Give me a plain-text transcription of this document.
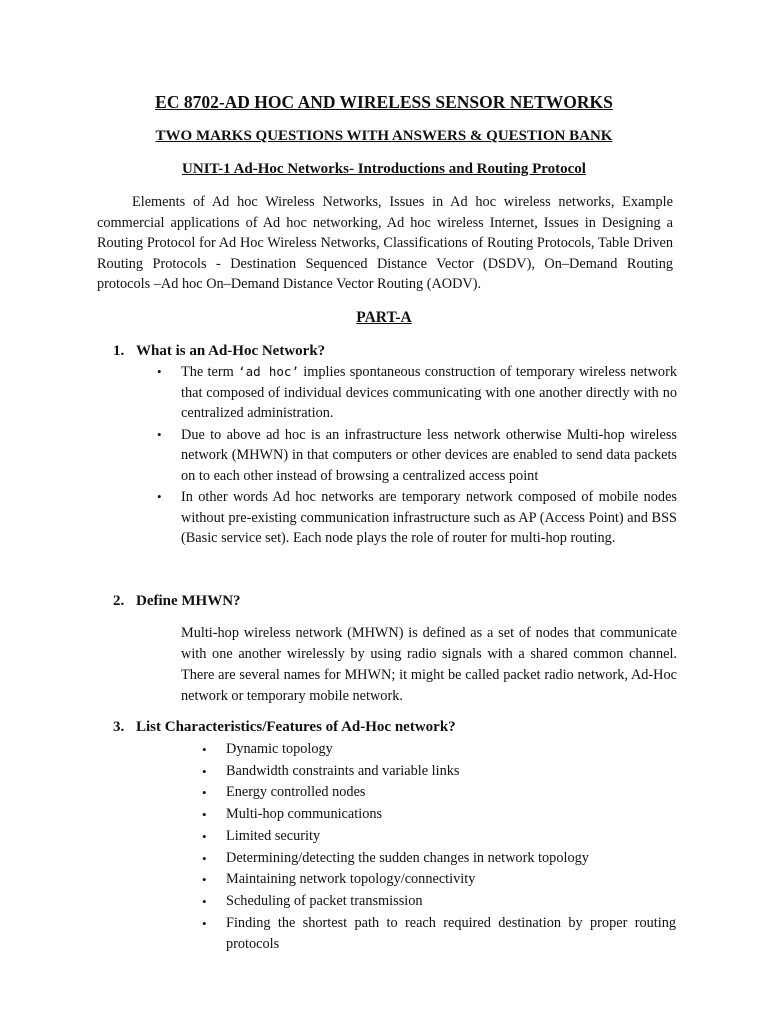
EC 8702-AD HOC AND WIRELESS SENSOR NETWORKS
TWO MARKS QUESTIONS WITH ANSWERS & QUESTION BANK
UNIT-1 Ad-Hoc Networks- Introductions and Routing Protocol

Elements of Ad hoc Wireless Networks, Issues in Ad hoc wireless networks, Example commercial applications of Ad hoc networking, Ad hoc wireless Internet, Issues in Designing a Routing Protocol for Ad Hoc Wireless Networks, Classifications of Routing Protocols, Table Driven Routing Protocols - Destination Sequenced Distance Vector (DSDV), On–Demand Routing protocols –Ad hoc On–Demand Distance Vector Routing (AODV).

PART-A
1. What is an Ad-Hoc Network?
• The term ‘ad hoc’ implies spontaneous construction of temporary wireless network that composed of individual devices communicating with one another directly with no centralized administration.
• Due to above ad hoc is an infrastructure less network otherwise Multi-hop wireless network (MHWN) in that computers or other devices are enabled to send data packets on to each other instead of browsing a centralized access point
• In other words Ad hoc networks are temporary network composed of mobile nodes without pre-existing communication infrastructure such as AP (Access Point) and BSS (Basic service set). Each node plays the role of router for multi-hop routing.
2. Define MHWN?

Multi-hop wireless network (MHWN) is defined as a set of nodes that communicate with one another wirelessly by using radio signals with a shared common channel. There are several names for MHWN; it might be called packet radio network, Ad-Hoc network or temporary mobile network.

3. List Characteristics/Features of Ad-Hoc network?
• Dynamic topology
• Bandwidth constraints and variable links
• Energy controlled nodes
• Multi-hop communications
• Limited security
• Determining/detecting the sudden changes in network topology
• Maintaining network topology/connectivity
• Scheduling of packet transmission
• Finding the shortest path to reach required destination by proper routing protocols
